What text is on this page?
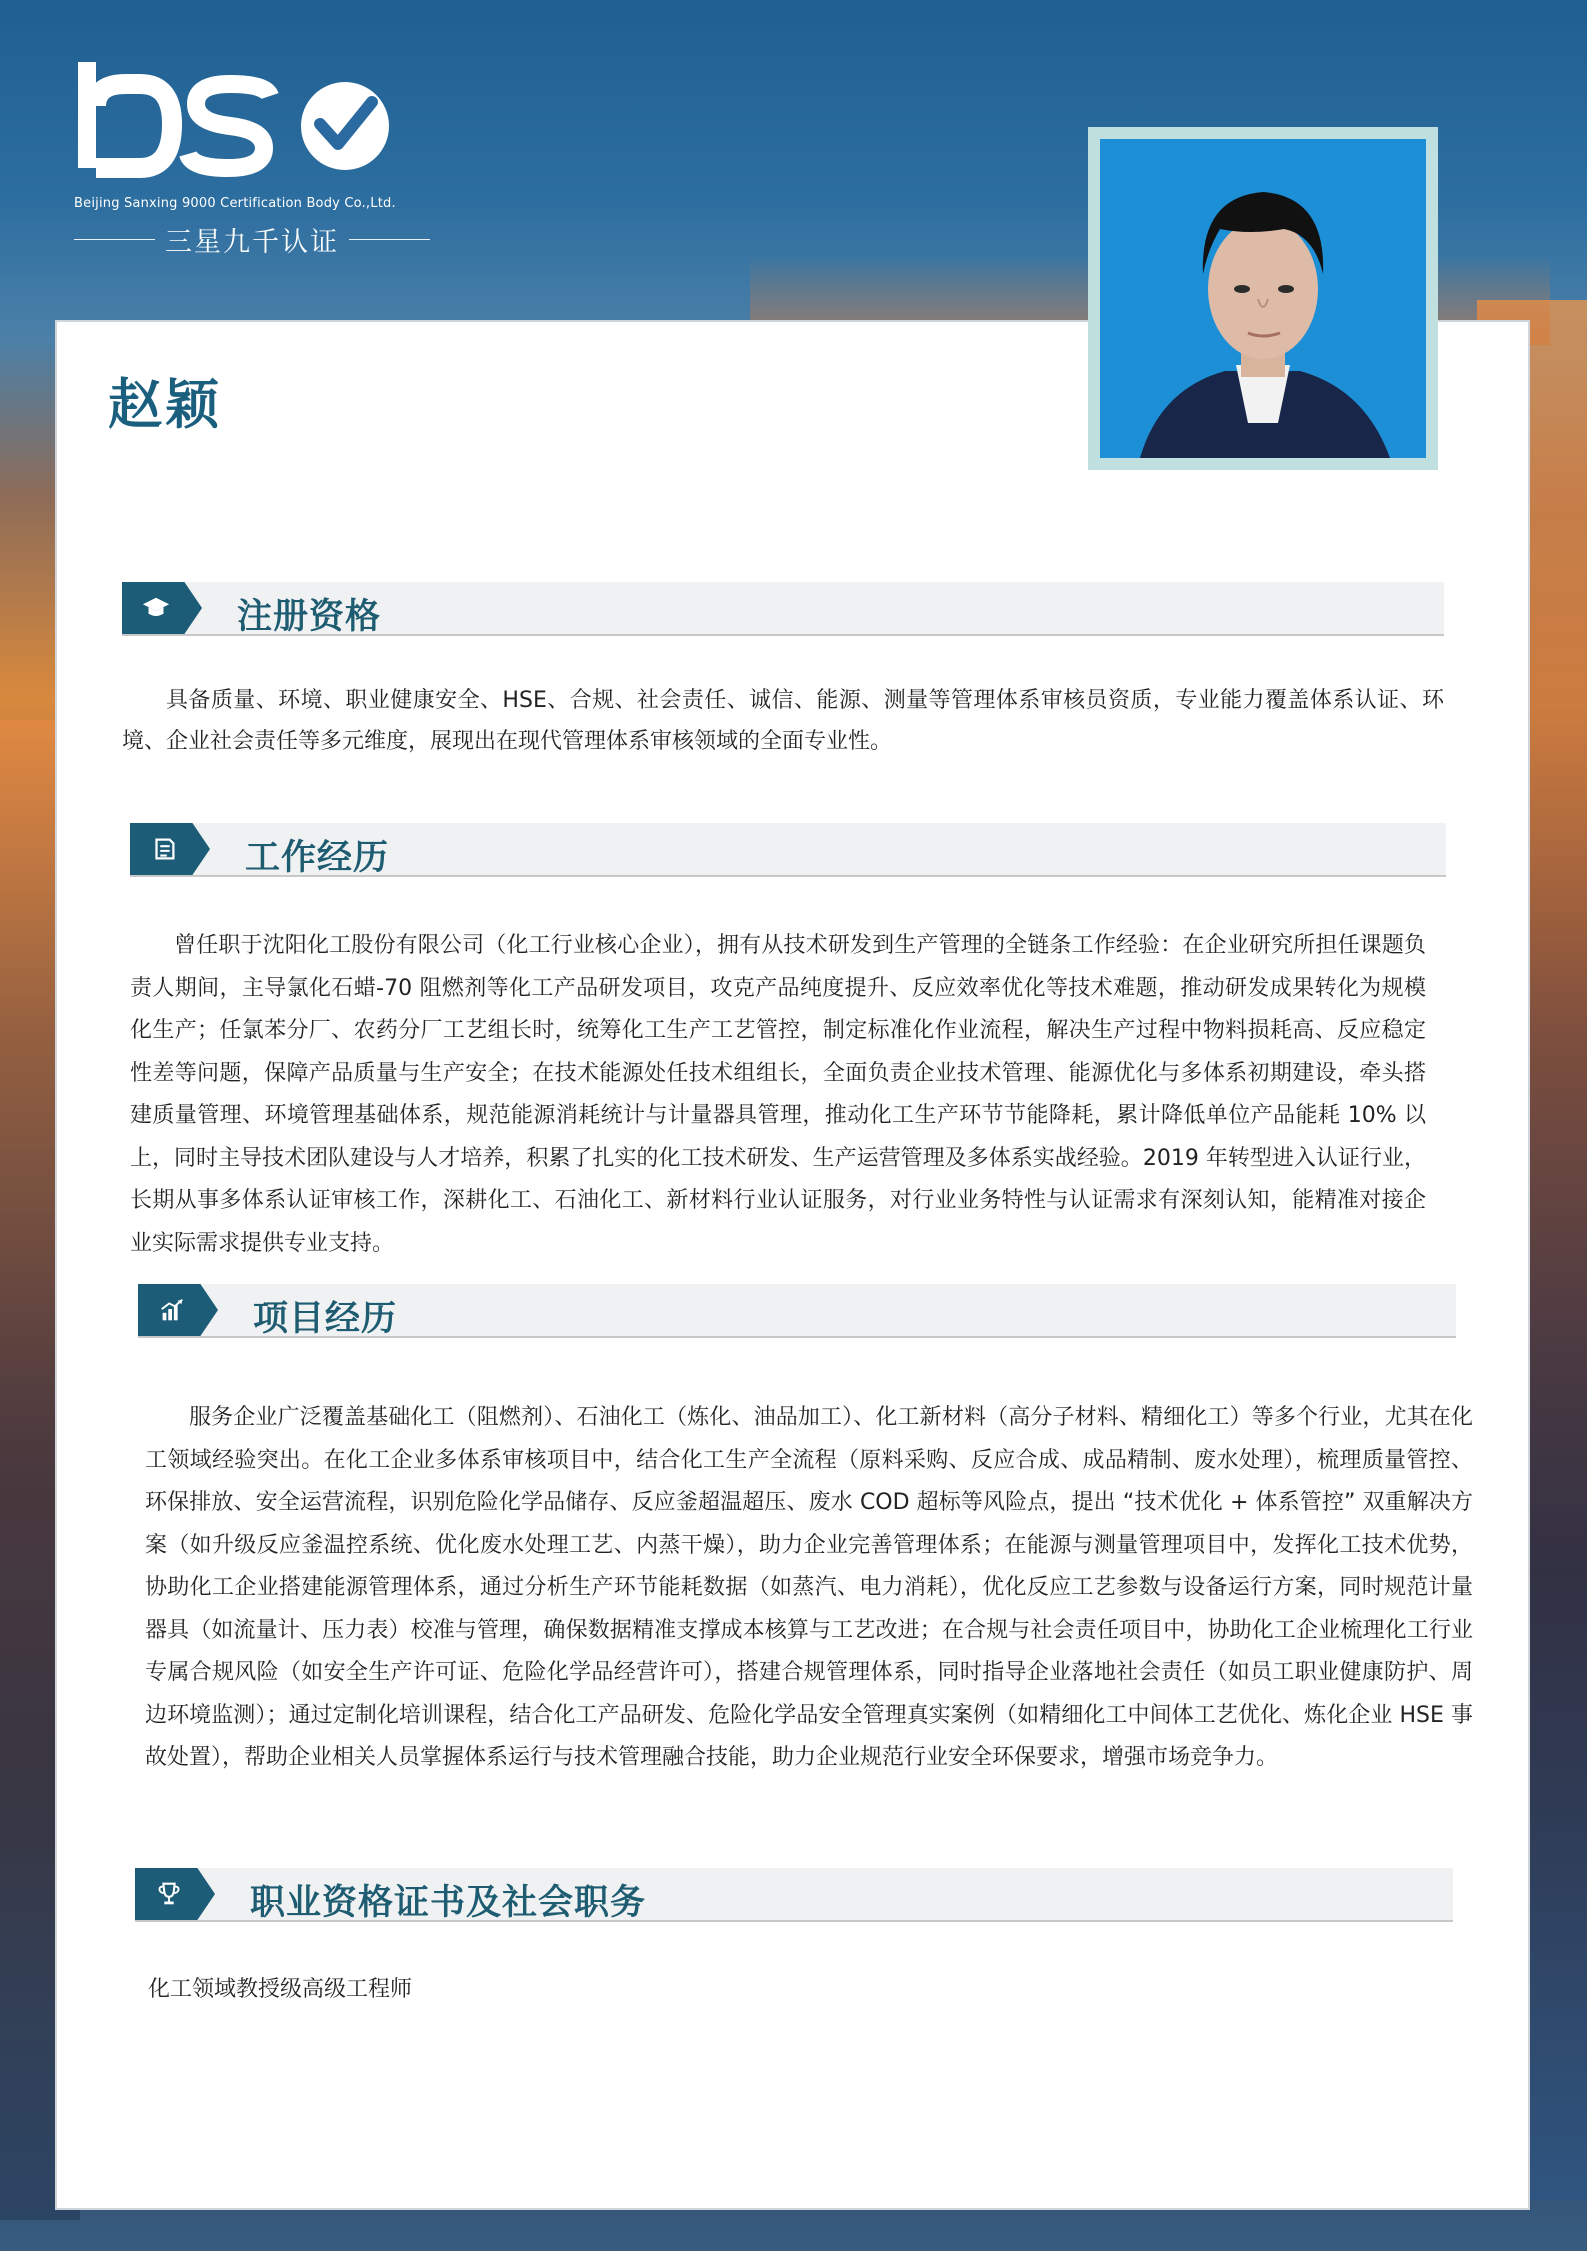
Beijing Sanxing 9000 Certification Body Co.,Ltd.
三星九千认证
赵颖
注册资格

具备质量、环境、职业健康安全、HSE、合规、社会责任、诚信、能源、测量等管理体系审核员资质，专业能力覆盖体系认证、环境、企业社会责任等多元维度，展现出在现代管理体系审核领域的全面专业性。

工作经历

曾任职于沈阳化工股份有限公司（化工行业核心企业），拥有从技术研发到生产管理的全链条工作经验：在企业研究所担任课题负责人期间，主导氯化石蜡-70 阻燃剂等化工产品研发项目，攻克产品纯度提升、反应效率优化等技术难题，推动研发成果转化为规模化生产；任氯苯分厂、农药分厂工艺组长时，统筹化工生产工艺管控，制定标准化作业流程，解决生产过程中物料损耗高、反应稳定性差等问题，保障产品质量与生产安全；在技术能源处任技术组组长，全面负责企业技术管理、能源优化与多体系初期建设，牵头搭建质量管理、环境管理基础体系，规范能源消耗统计与计量器具管理，推动化工生产环节节能降耗，累计降低单位产品能耗 10% 以上，同时主导技术团队建设与人才培养，积累了扎实的化工技术研发、生产运营管理及多体系实战经验。2019 年转型进入认证行业，长期从事多体系认证审核工作，深耕化工、石油化工、新材料行业认证服务，对行业业务特性与认证需求有深刻认知，能精准对接企业实际需求提供专业支持。

项目经历

服务企业广泛覆盖基础化工（阻燃剂）、石油化工（炼化、油品加工）、化工新材料（高分子材料、精细化工）等多个行业，尤其在化工领域经验突出。在化工企业多体系审核项目中，结合化工生产全流程（原料采购、反应合成、成品精制、废水处理），梳理质量管控、环保排放、安全运营流程，识别危险化学品储存、反应釜超温超压、废水 COD 超标等风险点，提出 “技术优化 + 体系管控” 双重解决方案（如升级反应釜温控系统、优化废水处理工艺、内蒸干燥），助力企业完善管理体系；在能源与测量管理项目中，发挥化工技术优势，协助化工企业搭建能源管理体系，通过分析生产环节能耗数据（如蒸汽、电力消耗），优化反应工艺参数与设备运行方案，同时规范计量器具（如流量计、压力表）校准与管理，确保数据精准支撑成本核算与工艺改进；在合规与社会责任项目中，协助化工企业梳理化工行业专属合规风险（如安全生产许可证、危险化学品经营许可），搭建合规管理体系，同时指导企业落地社会责任（如员工职业健康防护、周边环境监测）；通过定制化培训课程，结合化工产品研发、危险化学品安全管理真实案例（如精细化工中间体工艺优化、炼化企业 HSE 事故处置），帮助企业相关人员掌握体系运行与技术管理融合技能，助力企业规范行业安全环保要求，增强市场竞争力。

职业资格证书及社会职务

化工领域教授级高级工程师
